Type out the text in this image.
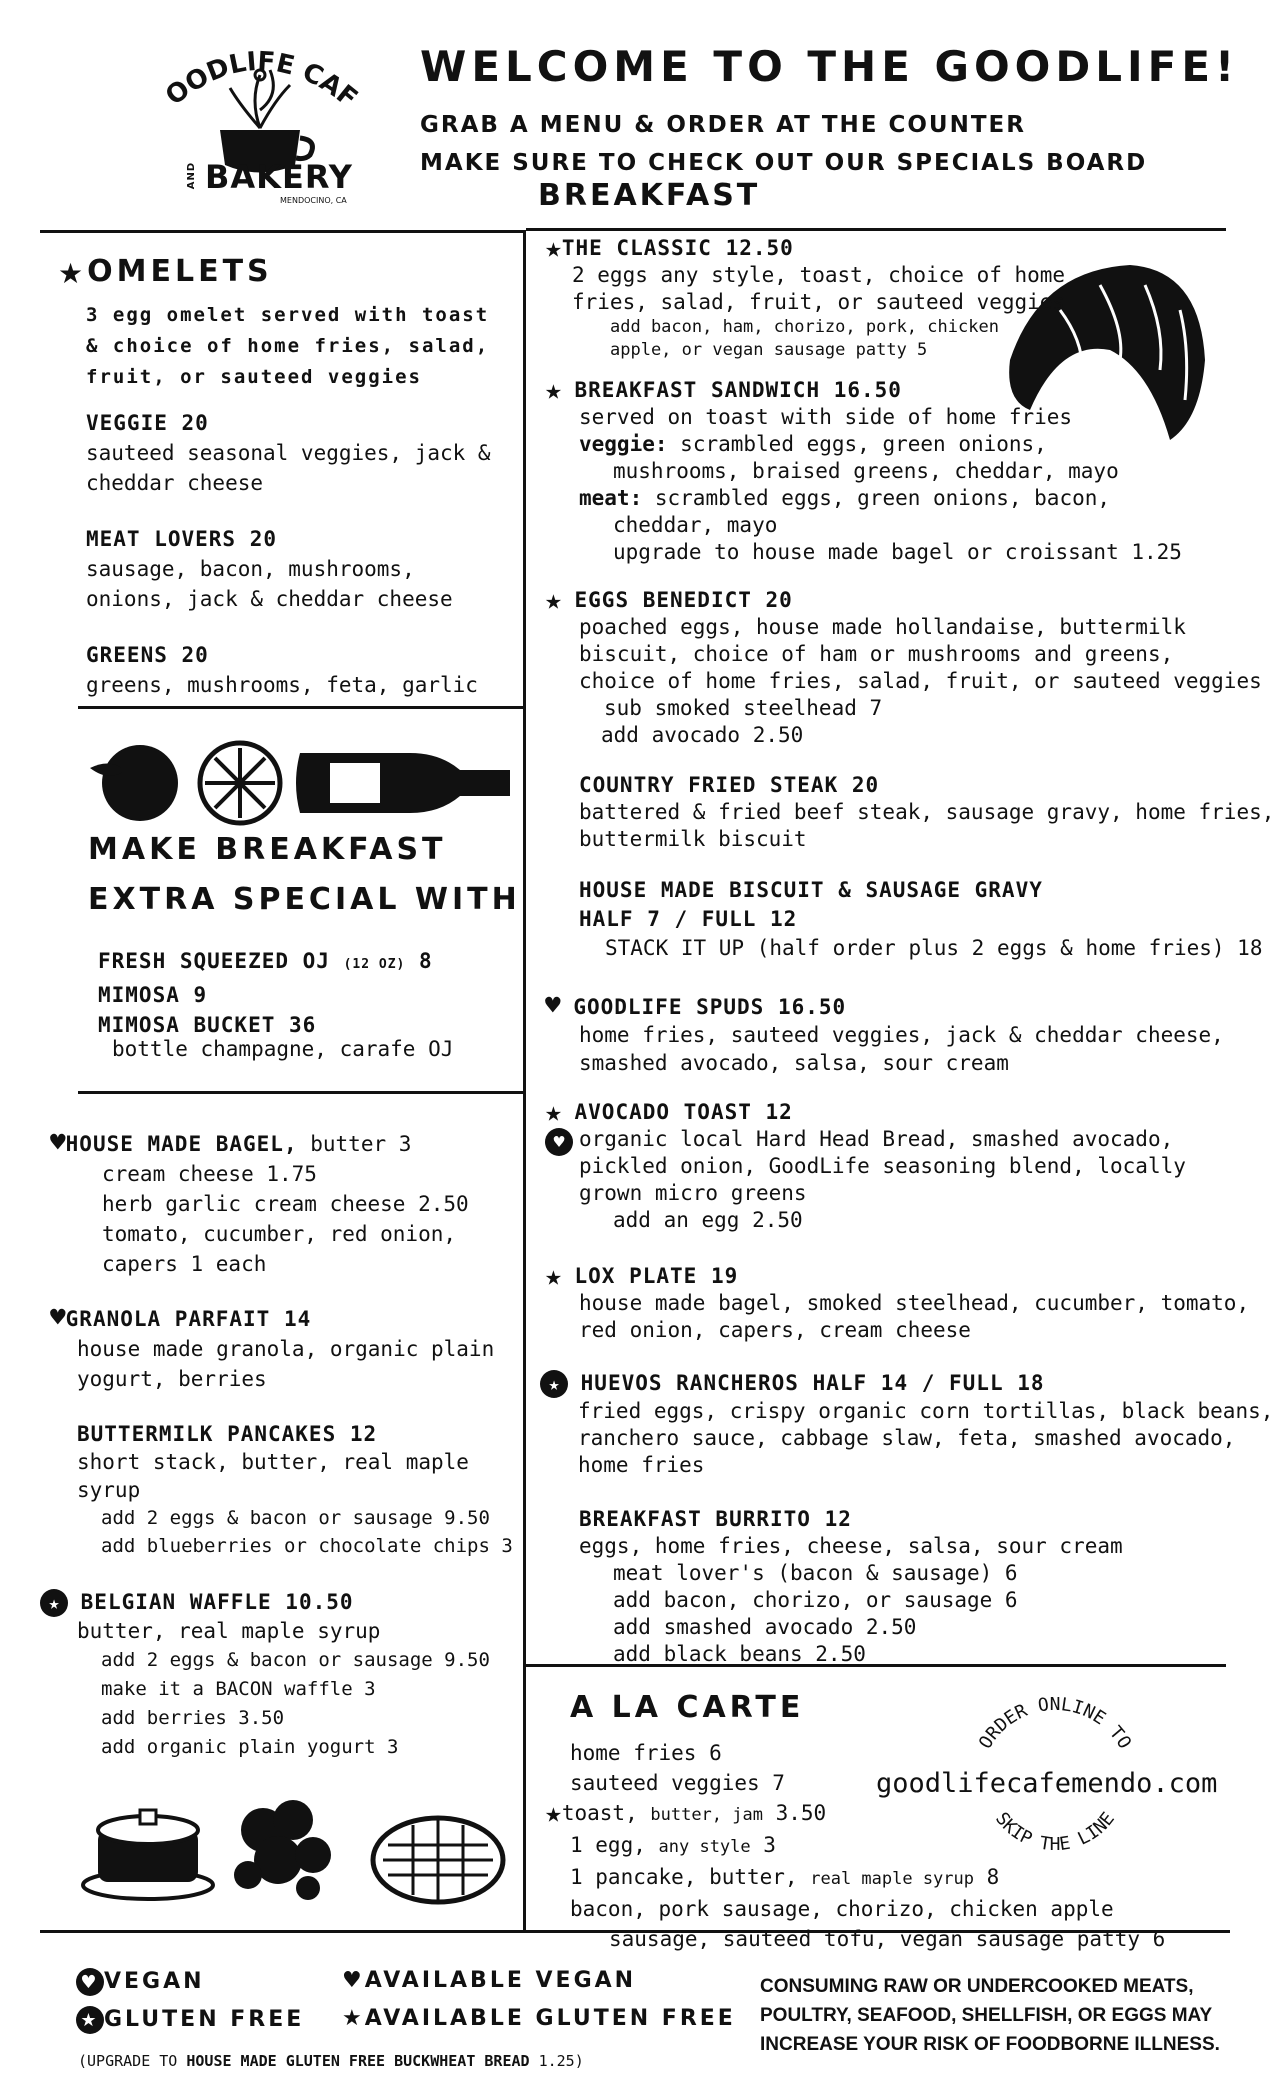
OODLIFE CAF
AND BAKERY
MENDOCINO, CA
WELCOME TO THE GOODLIFE!
GRAB A MENU & ORDER AT THE COUNTER
MAKE SURE TO CHECK OUT OUR SPECIALS BOARD
BREAKFAST
★OMELETS
3 egg omelet served with toast
& choice of home fries, salad,
fruit, or sauteed veggies
VEGGIE 20
sauteed seasonal veggies, jack &
cheddar cheese
MEAT LOVERS 20
sausage, bacon, mushrooms,
onions, jack & cheddar cheese
GREENS 20
greens, mushrooms, feta, garlic
MAKE BREAKFAST
EXTRA SPECIAL WITH
FRESH SQUEEZED OJ (12 OZ) 8
MIMOSA 9
MIMOSA BUCKET 36
bottle champagne, carafe OJ
♥HOUSE MADE BAGEL, butter 3
cream cheese 1.75
herb garlic cream cheese 2.50
tomato, cucumber, red onion,
capers 1 each
♥GRANOLA PARFAIT 14
house made granola, organic plain
yogurt, berries
BUTTERMILK PANCAKES 12
short stack, butter, real maple
syrup
add 2 eggs & bacon or sausage 9.50
add blueberries or chocolate chips 3
★ BELGIAN WAFFLE 10.50
butter, real maple syrup
add 2 eggs & bacon or sausage 9.50
make it a BACON waffle 3
add berries 3.50
add organic plain yogurt 3
★THE CLASSIC 12.50
2 eggs any style, toast, choice of home
fries, salad, fruit, or sauteed veggies
add bacon, ham, chorizo, pork, chicken
apple, or vegan sausage patty 5
★ BREAKFAST SANDWICH 16.50
served on toast with side of home fries
veggie: scrambled eggs, green onions,
mushrooms, braised greens, cheddar, mayo
meat: scrambled eggs, green onions, bacon,
cheddar, mayo
upgrade to house made bagel or croissant 1.25
★ EGGS BENEDICT 20
poached eggs, house made hollandaise, buttermilk
biscuit, choice of ham or mushrooms and greens,
choice of home fries, salad, fruit, or sauteed veggies
sub smoked steelhead 7
add avocado 2.50
COUNTRY FRIED STEAK 20
battered & fried beef steak, sausage gravy, home fries,
buttermilk biscuit
HOUSE MADE BISCUIT & SAUSAGE GRAVY
HALF 7 / FULL 12
STACK IT UP (half order plus 2 eggs & home fries) 18
♥ GOODLIFE SPUDS 16.50
home fries, sauteed veggies, jack & cheddar cheese,
smashed avocado, salsa, sour cream
★ AVOCADO TOAST 12
♥ organic local Hard Head Bread, smashed avocado,
pickled onion, GoodLife seasoning blend, locally
grown micro greens
add an egg 2.50
★ LOX PLATE 19
house made bagel, smoked steelhead, cucumber, tomato,
red onion, capers, cream cheese
★ HUEVOS RANCHEROS HALF 14 / FULL 18
fried eggs, crispy organic corn tortillas, black beans,
ranchero sauce, cabbage slaw, feta, smashed avocado,
home fries
BREAKFAST BURRITO 12
eggs, home fries, cheese, salsa, sour cream
meat lover's (bacon & sausage) 6
add bacon, chorizo, or sausage 6
add smashed avocado 2.50
add black beans 2.50
A LA CARTE
home fries 6
sauteed veggies 7
★toast, butter, jam 3.50
1 egg, any style 3
1 pancake, butter, real maple syrup 8
bacon, pork sausage, chorizo, chicken apple
sausage, sauteed tofu, vegan sausage patty 6
ORDER ONLINE TO
SKIP THE LINE
goodlifecafemendo.com
♥ VEGAN
★ GLUTEN FREE
♥AVAILABLE VEGAN
★AVAILABLE GLUTEN FREE
(UPGRADE TO HOUSE MADE GLUTEN FREE BUCKWHEAT BREAD 1.25)
CONSUMING RAW OR UNDERCOOKED MEATS,
POULTRY, SEAFOOD, SHELLFISH, OR EGGS MAY
INCREASE YOUR RISK OF FOODBORNE ILLNESS.
